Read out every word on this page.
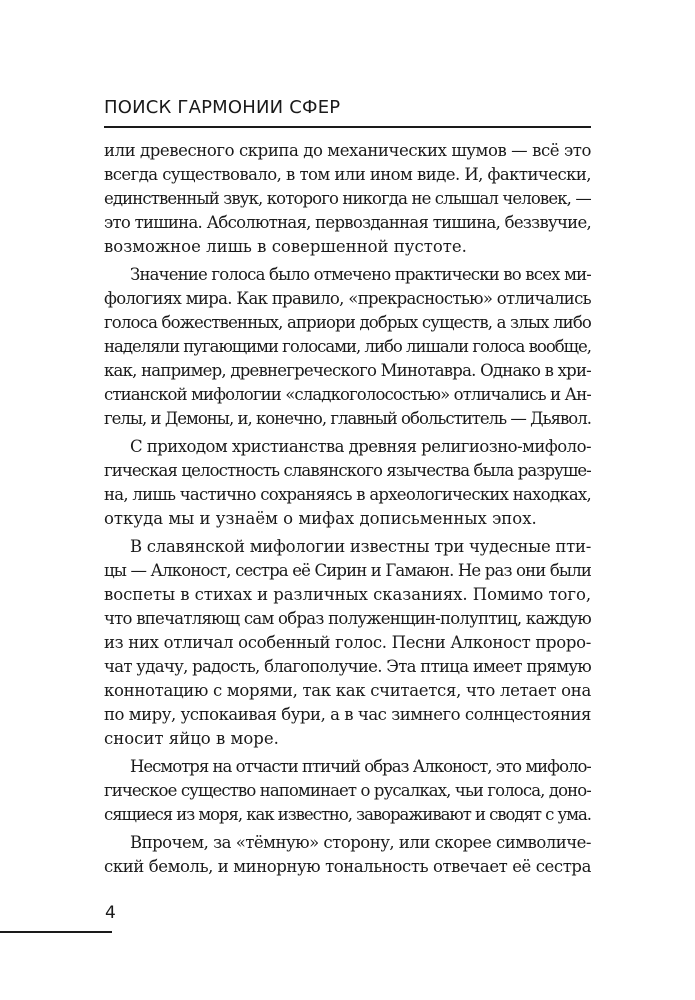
ПОИСК ГАРМОНИИ СФЕР
или древесного скрипа до механических шумов — всё это
всегда существовало, в том или ином виде. И, фактически,
единственный звук, которого никогда не слышал человек, —
это тишина. Абсолютная, первозданная тишина, беззвучие,
возможное лишь в совершенной пустоте.
Значение голоса было отмечено практически во всех ми-
фологиях мира. Как правило, «прекрасностью» отличались
голоса божественных, априори добрых существ, а злых либо
наделяли пугающими голосами, либо лишали голоса вообще,
как, например, древнегреческого Минотавра. Однако в хри-
стианской мифологии «сладкоголосостью» отличались и Ан-
гелы, и Демоны, и, конечно, главный обольститель — Дьявол.
С приходом христианства древняя религиозно-мифоло-
гическая целостность славянского язычества была разруше-
на, лишь частично сохраняясь в археологических находках,
откуда мы и узнаём о мифах дописьменных эпох.
В славянской мифологии известны три чудесные пти-
цы — Алконост, сестра её Сирин и Гамаюн. Не раз они были
воспеты в стихах и различных сказаниях. Помимо того,
что впечатляющ сам образ полуженщин-полуптиц, каждую
из них отличал особенный голос. Песни Алконост проро-
чат удачу, радость, благополучие. Эта птица имеет прямую
коннотацию с морями, так как считается, что летает она
по миру, успокаивая бури, а в час зимнего солнцестояния
сносит яйцо в море.
Несмотря на отчасти птичий образ Алконост, это мифоло-
гическое существо напоминает о русалках, чьи голоса, доно-
сящиеся из моря, как известно, завораживают и сводят с ума.
Впрочем, за «тёмную» сторону, или скорее символиче-
ский бемоль, и минорную тональность отвечает её сестра
4
